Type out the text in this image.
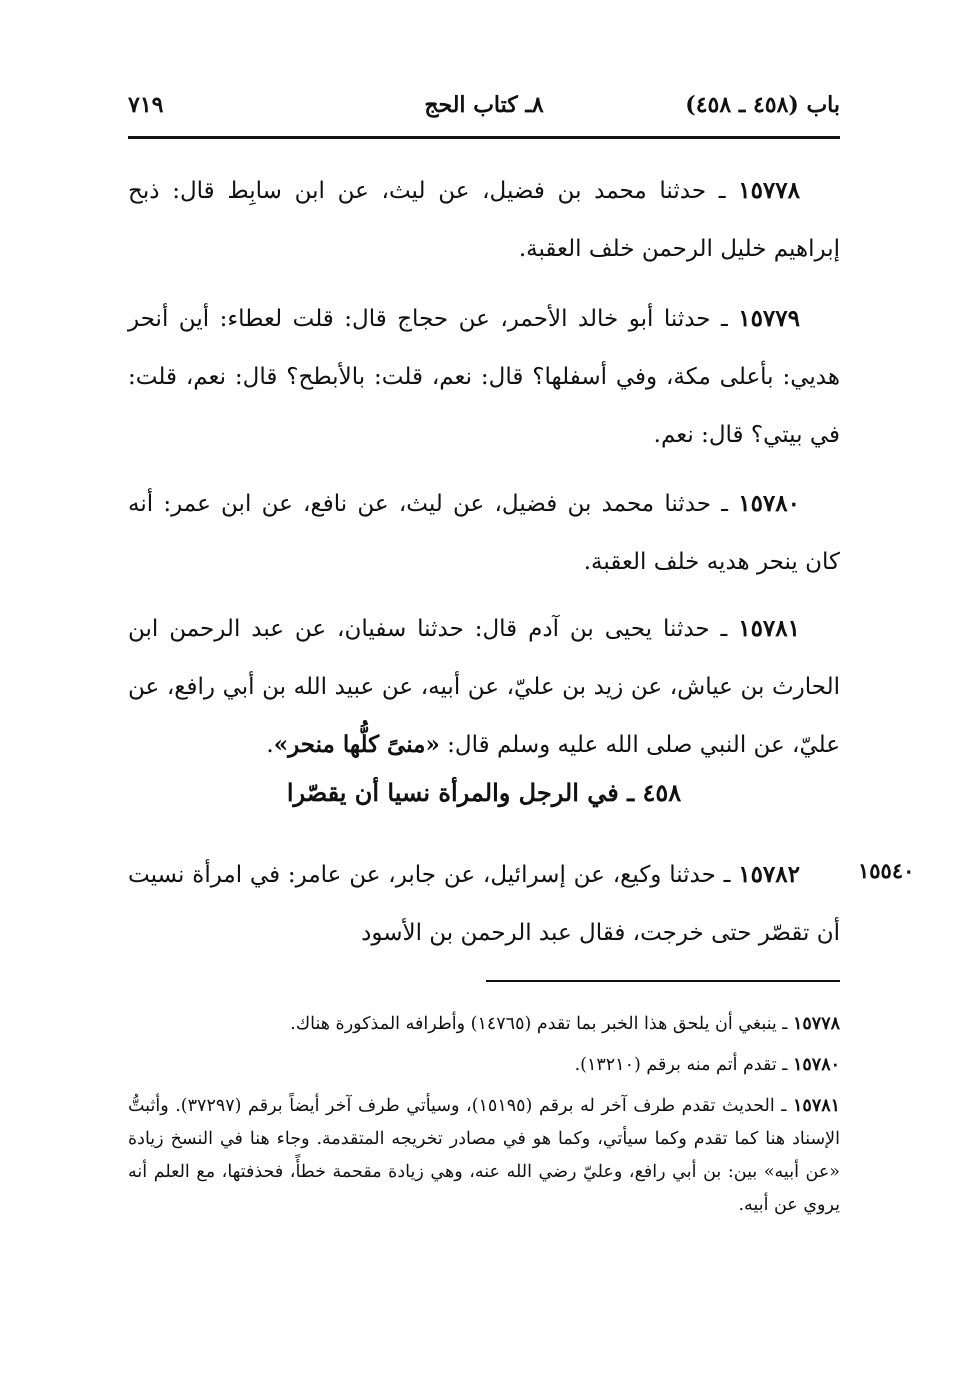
باب (٤٥٨ ـ ٤٥٨)
٨ـ كتاب الحج
٧١٩

١٥٧٧٨ ـ حدثنا محمد بن فضيل، عن ليث، عن ابن سابِط قال: ذبح إبراهيم خليل الرحمن خلف العقبة.

١٥٧٧٩ ـ حدثنا أبو خالد الأحمر، عن حجاج قال: قلت لعطاء: أين أنحر هديي: بأعلى مكة، وفي أسفلها؟ قال: نعم، قلت: بالأبطح؟ قال: نعم، قلت: في بيتي؟ قال: نعم.

١٥٧٨٠ ـ حدثنا محمد بن فضيل، عن ليث، عن نافع، عن ابن عمر: أنه كان ينحر هديه خلف العقبة.

١٥٧٨١ ـ حدثنا يحيى بن آدم قال: حدثنا سفيان، عن عبد الرحمن ابن الحارث بن عياش، عن زيد بن عليّ، عن أبيه، عن عبيد الله بن أبي رافع، عن عليّ، عن النبي صلى الله عليه وسلم قال: «منىً كلُّها منحر».

٤٥٨ ـ في الرجل والمرأة نسيا أن يقصّرا
١٥٥٤٠

١٥٧٨٢ ـ حدثنا وكيع، عن إسرائيل، عن جابر، عن عامر: في امرأة نسيت أن تقصّر حتى خرجت، فقال عبد الرحمن بن الأسود

١٥٧٧٨ ـ ينبغي أن يلحق هذا الخبر بما تقدم (١٤٧٦٥) وأطرافه المذكورة هناك.

١٥٧٨٠ ـ تقدم أتم منه برقم (١٣٢١٠).

١٥٧٨١ ـ الحديث تقدم طرف آخر له برقم (١٥١٩٥)، وسيأتي طرف آخر أيضاً برقم (٣٧٢٩٧). وأثبتُّ الإسناد هنا كما تقدم وكما سيأتي، وكما هو في مصادر تخريجه المتقدمة. وجاء هنا في النسخ زيادة «عن أبيه» بين: بن أبي رافع، وعليّ رضي الله عنه، وهي زيادة مقحمة خطأً، فحذفتها، مع العلم أنه يروي عن أبيه.
